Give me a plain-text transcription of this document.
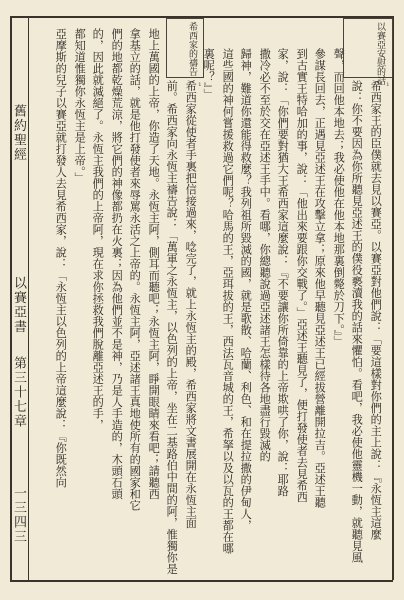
舊約聖經
以賽亞書
第三十七章
一三四三	希西家王的臣僕就去見以賽亞。以賽亞對他們說：「要這樣對你們的主上說：『永恆主這麼
說：你不要因為你所聽見亞述王的僕役褻瀆我的話來懼怕。看吧，我必使他靈機一動，就聽見風
聲，而回他本地去；我必使他在他本地那裏倒斃於刀下。』」
參謀長回去，正遇見亞述王在攻擊立拿；原來他早聽見亞述王已經拔營離開拉吉。亞述王聽
到古實王特哈加的事，說：「他出來要跟你交戰了。」亞述王聽見了，便打發使者去見希西
家，說：「你們要對猶大王希西家這麼說：『不要讓你所倚靠的上帝欺哄了你，說：耶路
撒冷必不至於交在亞述王手中。看哪，你總聽說過亞述諸王怎樣待各地盡行毀滅的
歸神，難道你還能得救麼？我列祖所毀滅的國，就是歌散、哈蘭、利色、和在提拉撒的伊甸人，
這些國的神何嘗援救過它們呢？哈馬的王，亞珥拔的王，西法瓦音城的王，希拏以及以瓦的王都在哪
裏呢？』」
希西家從使者手裏把信接過來，唸完了，就上永恆主的殿，希西家將文書展開在永恆主面
前。希西家向永恆主禱告說：「萬軍之永恆主，以色列的上帝，坐在二基路伯中間的阿，惟獨你是
地上萬國的上帝，你造了天地。永恆主阿，側耳而聽吧；永恆主阿，睜開眼睛來看吧；請聽西
拿基立的話，就是他打發使者來辱罵永活之上帝的。永恆主阿，亞述諸王真地使所有的國家和它
們的地都乾燥荒涼，將它們的神像都扔在火裏；因為他們並不是神，乃是人手造的，木頭石頭
的，因此就滅絕了。永恆主我們的上帝阿，現在求你拯救我們脫離亞述王的手，
都知道惟獨你永恆主是上帝。」
亞摩斯的兒子以賽亞就打發人去見希西家，說：「永恆主以色列的上帝這麼說：『你既然向	以賽亞安慰的話
希西家的禱告
¹
¹
